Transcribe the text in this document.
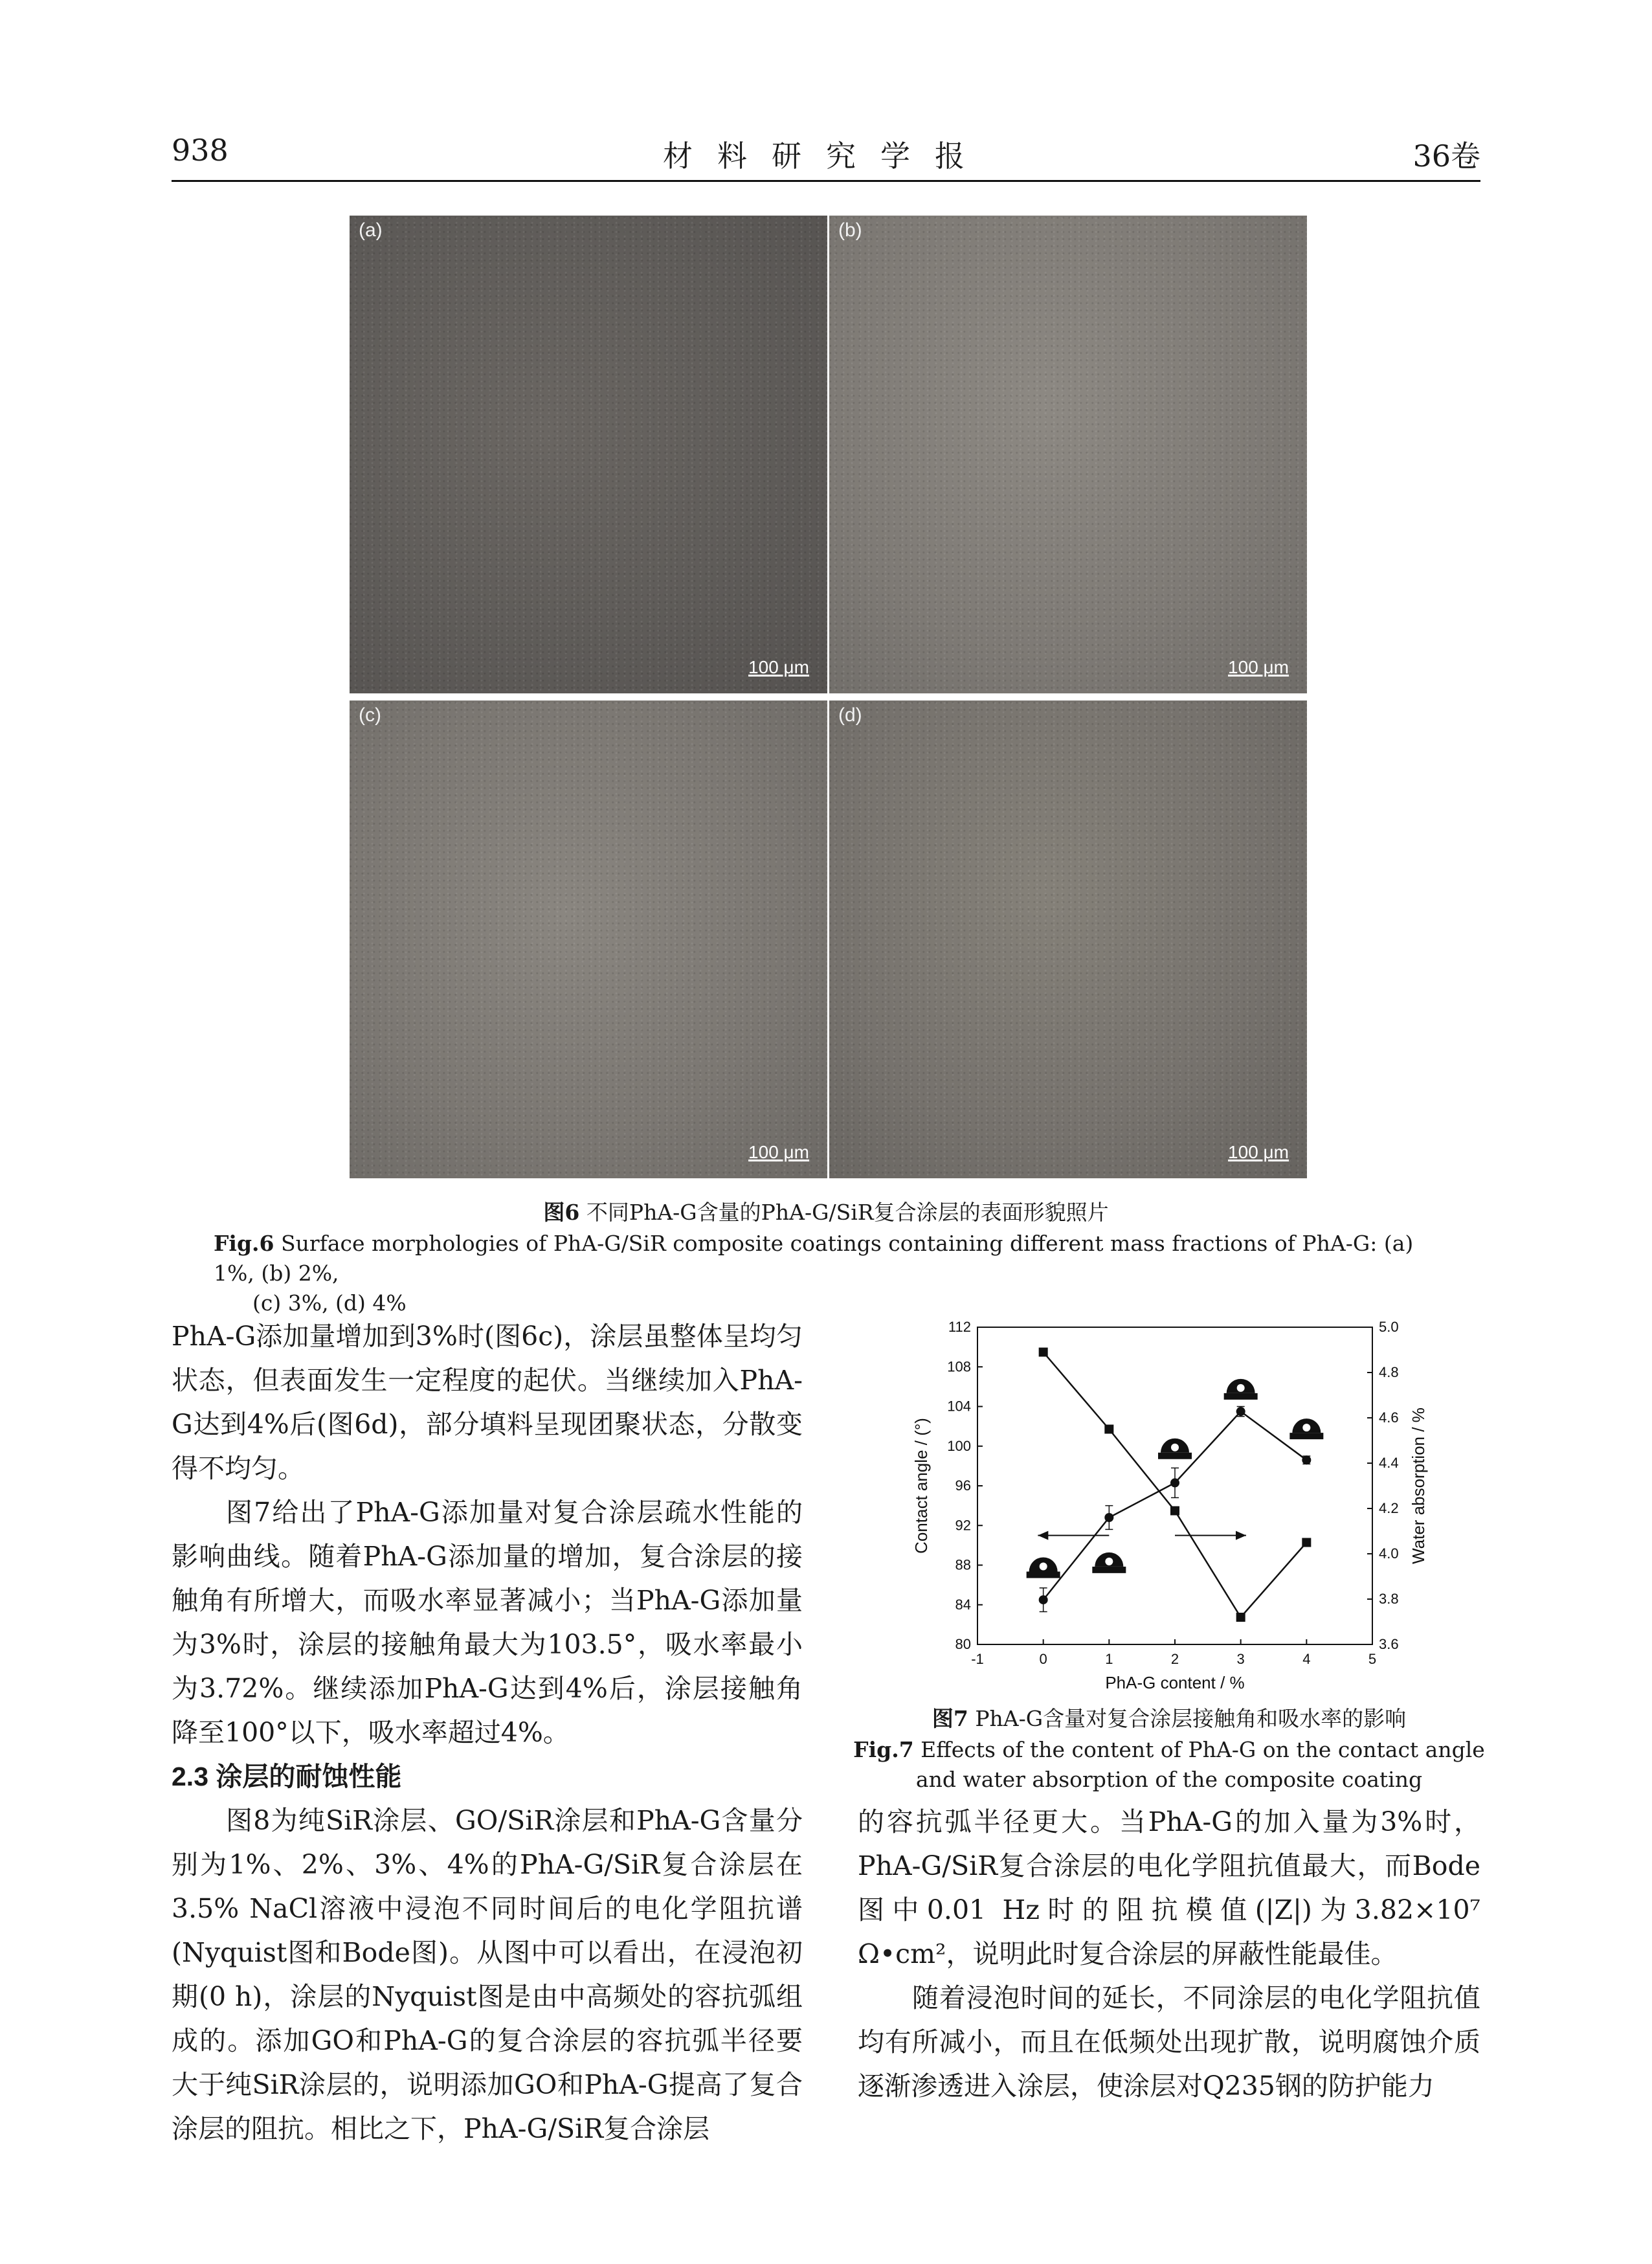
938	材料研究学报	36卷
(a)
100 μm
(b)
100 μm
(c)
100 μm
(d)
100 μm
图6 不同PhA-G含量的PhA-G/SiR复合涂层的表面形貌照片
Fig.6 Surface morphologies of PhA-G/SiR composite coatings containing different mass fractions of PhA-G: (a) 1%, (b) 2%,
(c) 3%, (d) 4%

PhA-G添加量增加到3%时(图6c)，涂层虽整体呈均匀状态，但表面发生一定程度的起伏。当继续加入PhA-G达到4%后(图6d)，部分填料呈现团聚状态，分散变得不均匀。

图7给出了PhA-G添加量对复合涂层疏水性能的影响曲线。随着PhA-G添加量的增加，复合涂层的接触角有所增大，而吸水率显著减小；当PhA-G添加量为3%时，涂层的接触角最大为103.5°，吸水率最小为3.72%。继续添加PhA-G达到4%后，涂层接触角降至100°以下，吸水率超过4%。

2.3 涂层的耐蚀性能

图8为纯SiR涂层、GO/SiR涂层和PhA-G含量分别为1%、2%、3%、4%的PhA-G/SiR复合涂层在3.5% NaCl溶液中浸泡不同时间后的电化学阻抗谱(Nyquist图和Bode图)。从图中可以看出，在浸泡初期(0 h)，涂层的Nyquist图是由中高频处的容抗弧组成的。添加GO和PhA-G的复合涂层的容抗弧半径要大于纯SiR涂层的，说明添加GO和PhA-G提高了复合涂层的阻抗。相比之下，PhA-G/SiR复合涂层

-1	0	1	2	3	4	5
80
84
88
92
96
100
104
108
112
3.6
3.8
4.0
4.2
4.4
4.6
4.8
5.0
PhA-G content / %
Contact angle / (°)	Water absorption / %
图7 PhA-G含量对复合涂层接触角和吸水率的影响
Fig.7 Effects of the content of PhA-G on the contact angle and water absorption of the composite coating

的容抗弧半径更大。当PhA-G的加入量为3%时，PhA-G/SiR复合涂层的电化学阻抗值最大，而Bode图中0.01 Hz时的阻抗模值(|Z|)为3.82×10⁷ Ω•cm²，说明此时复合涂层的屏蔽性能最佳。

随着浸泡时间的延长，不同涂层的电化学阻抗值均有所减小，而且在低频处出现扩散，说明腐蚀介质逐渐渗透进入涂层，使涂层对Q235钢的防护能力
